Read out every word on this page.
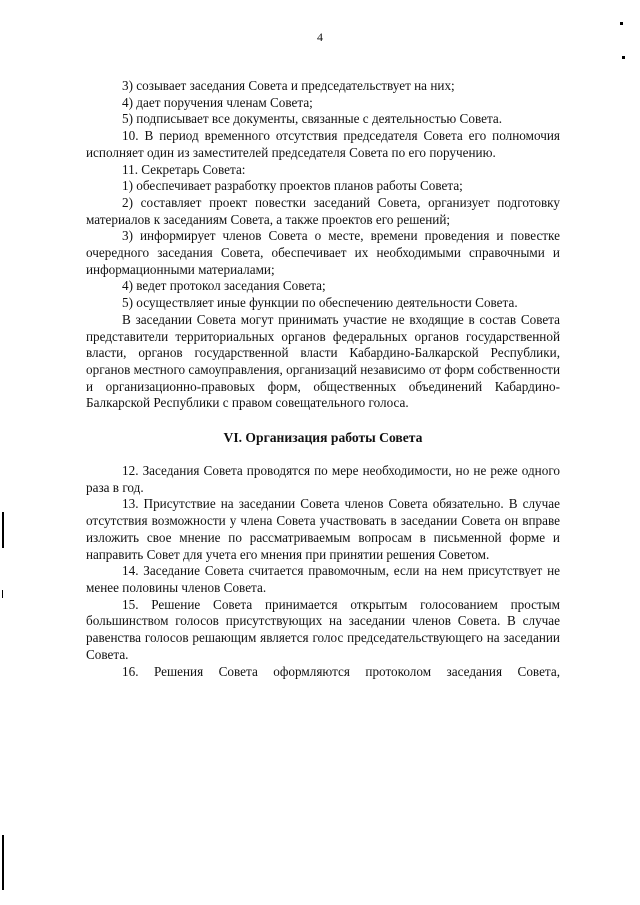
4

3) созывает заседания Совета и председательствует на них;

4) дает поручения членам Совета;

5) подписывает все документы, связанные с деятельностью Совета.

10. В период временного отсутствия председателя Совета его полномочия исполняет один из заместителей председателя Совета по его поручению.

11. Секретарь Совета:

1) обеспечивает разработку проектов планов работы Совета;

2) составляет проект повестки заседаний Совета, организует подготовку материалов к заседаниям Совета, а также проектов его решений;

3) информирует членов Совета о месте, времени проведения и повестке очередного заседания Совета, обеспечивает их необходимыми справочными и информационными материалами;

4) ведет протокол заседания Совета;

5) осуществляет иные функции по обеспечению деятельности Совета.

В заседании Совета могут принимать участие не входящие в состав Совета представители территориальных органов федеральных органов государственной власти, органов государственной власти Кабардино-Балкарской Республики, органов местного самоуправления, организаций независимо от форм собственности и организационно-правовых форм, общественных объединений Кабардино-Балкарской Республики с правом совещательного голоса.

VI. Организация работы Совета

12. Заседания Совета проводятся по мере необходимости, но не реже одного раза в год.

13. Присутствие на заседании Совета членов Совета обязательно. В случае отсутствия возможности у члена Совета участвовать в заседании Совета он вправе изложить свое мнение по рассматриваемым вопросам в письменной форме и направить Совет для учета его мнения при принятии решения Советом.

14. Заседание Совета считается правомочным, если на нем присутствует не менее половины членов Совета.

15. Решение Совета принимается открытым голосованием простым большинством голосов присутствующих на заседании членов Совета. В случае равенства голосов решающим является голос председательствующего на заседании Совета.

16. Решения Совета оформляются протоколом заседания Совета,
